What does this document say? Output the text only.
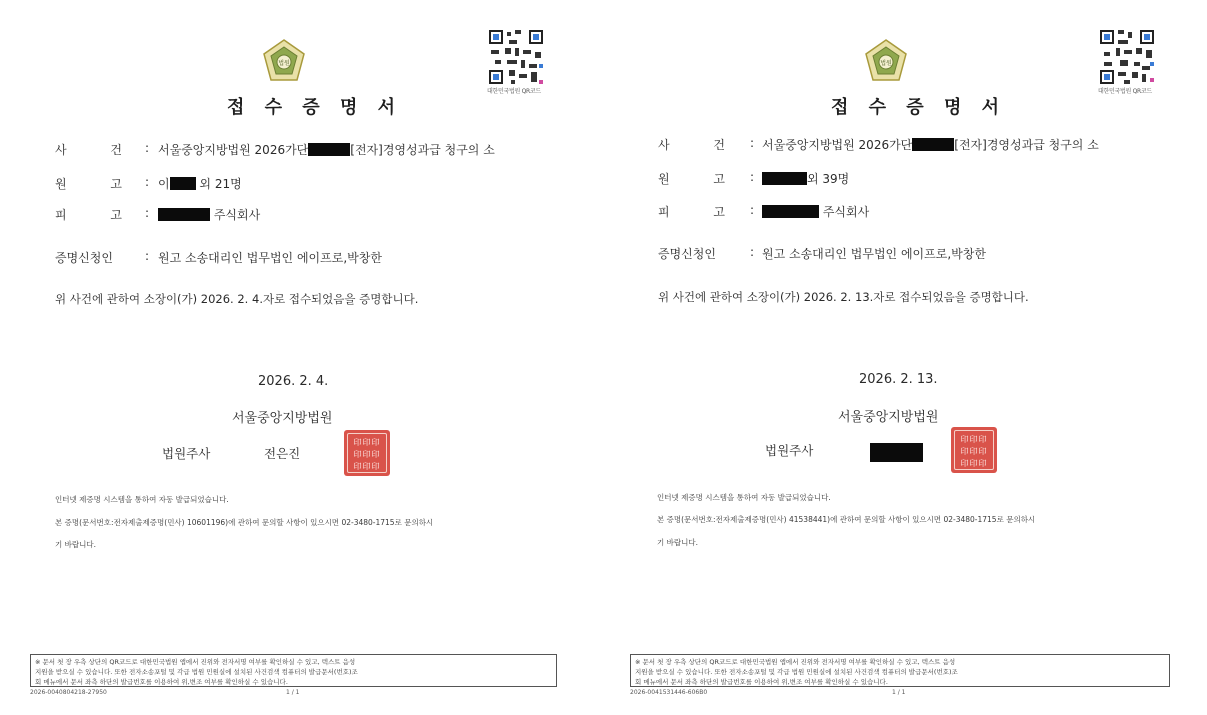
법원
대한민국법원 QR코드
접 수 증 명 서
사 건 : 서울중앙지방법원 2026가단	[전자]경영성과급 청구의 소
원 고 : 이 외 21명
피 고 :	주식회사
증명신청인	: 원고 소송대리인 법무법인 에이프로,박창한
위 사건에 관하여 소장이(가) 2026. 2. 4.자로 접수되었음을 증명합니다.
2026. 2. 4.
서울중앙지방법원
법원주사	전은진
印印印
印印印
印印印
인터넷 제증명 시스템을 통하여 자동 발급되었습니다.
본 증명(문서번호:전자제출제증명(민사) 10601196)에 관하여 문의할 사항이 있으시면 02-3480-1715로 문의하시
기 바랍니다.
※ 문서 첫 장 우측 상단의 QR코드로 대한민국법원 앱에서 진위와 전자서명 여부를 확인하실 수 있고, 텍스트 음성
지원을 받으실 수 있습니다. 또한 전자소송포털 및 각급 법원 민원실에 설치된 사건검색 컴퓨터의 발급문서(번호)조
회 메뉴에서 문서 좌측 하단의 발급번호를 이용하여 위,변조 여부를 확인하실 수 있습니다.
2026-0040804218-27950	1 / 1
법원
대한민국법원 QR코드
접 수 증 명 서
사 건 : 서울중앙지방법원 2026가단	[전자]경영성과급 청구의 소
원 고 :	외 39명
피 고 :	주식회사
증명신청인	: 원고 소송대리인 법무법인 에이프로,박창한
위 사건에 관하여 소장이(가) 2026. 2. 13.자로 접수되었음을 증명합니다.
2026. 2. 13.
서울중앙지방법원
법원주사
印印印
印印印
印印印
인터넷 제증명 시스템을 통하여 자동 발급되었습니다.
본 증명(문서번호:전자제출제증명(민사) 41538441)에 관하여 문의할 사항이 있으시면 02-3480-1715로 문의하시
기 바랍니다.
※ 문서 첫 장 우측 상단의 QR코드로 대한민국법원 앱에서 진위와 전자서명 여부를 확인하실 수 있고, 텍스트 음성
지원을 받으실 수 있습니다. 또한 전자소송포털 및 각급 법원 민원실에 설치된 사건검색 컴퓨터의 발급문서(번호)조
회 메뉴에서 문서 좌측 하단의 발급번호를 이용하여 위,변조 여부를 확인하실 수 있습니다.
2026-0041531446-606B0	1 / 1
